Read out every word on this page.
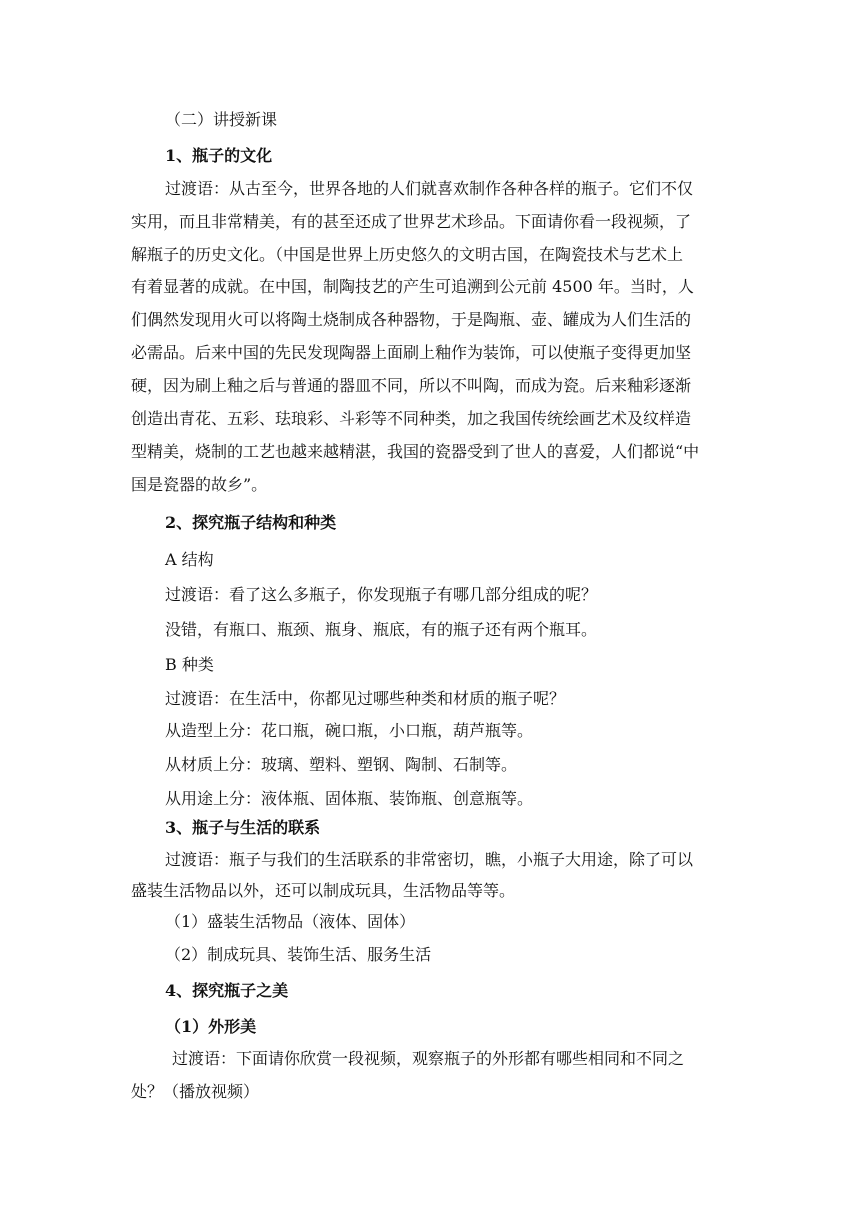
（二）讲授新课
1、瓶子的文化
过渡语：从古至今，世界各地的人们就喜欢制作各种各样的瓶子。它们不仅
实用，而且非常精美，有的甚至还成了世界艺术珍品。下面请你看一段视频，了
解瓶子的历史文化。（中国是世界上历史悠久的文明古国，在陶瓷技术与艺术上
有着显著的成就。在中国，制陶技艺的产生可追溯到公元前 4500 年。当时，人
们偶然发现用火可以将陶土烧制成各种器物，于是陶瓶、壶、罐成为人们生活的
必需品。后来中国的先民发现陶器上面刷上釉作为装饰，可以使瓶子变得更加坚
硬，因为刷上釉之后与普通的器皿不同，所以不叫陶，而成为瓷。后来釉彩逐渐
创造出青花、五彩、珐琅彩、斗彩等不同种类，加之我国传统绘画艺术及纹样造
型精美，烧制的工艺也越来越精湛，我国的瓷器受到了世人的喜爱，人们都说“中
国是瓷器的故乡”。
2、探究瓶子结构和种类
A 结构
过渡语：看了这么多瓶子，你发现瓶子有哪几部分组成的呢？
没错，有瓶口、瓶颈、瓶身、瓶底，有的瓶子还有两个瓶耳。
B 种类
过渡语：在生活中，你都见过哪些种类和材质的瓶子呢？
从造型上分：花口瓶，碗口瓶，小口瓶，葫芦瓶等。
从材质上分：玻璃、塑料、塑钢、陶制、石制等。
从用途上分：液体瓶、固体瓶、装饰瓶、创意瓶等。
3、瓶子与生活的联系
过渡语：瓶子与我们的生活联系的非常密切，瞧，小瓶子大用途，除了可以
盛装生活物品以外，还可以制成玩具，生活物品等等。
（1）盛装生活物品（液体、固体）
（2）制成玩具、装饰生活、服务生活
4、探究瓶子之美
（1）外形美
过渡语：下面请你欣赏一段视频，观察瓶子的外形都有哪些相同和不同之
处？（播放视频）
